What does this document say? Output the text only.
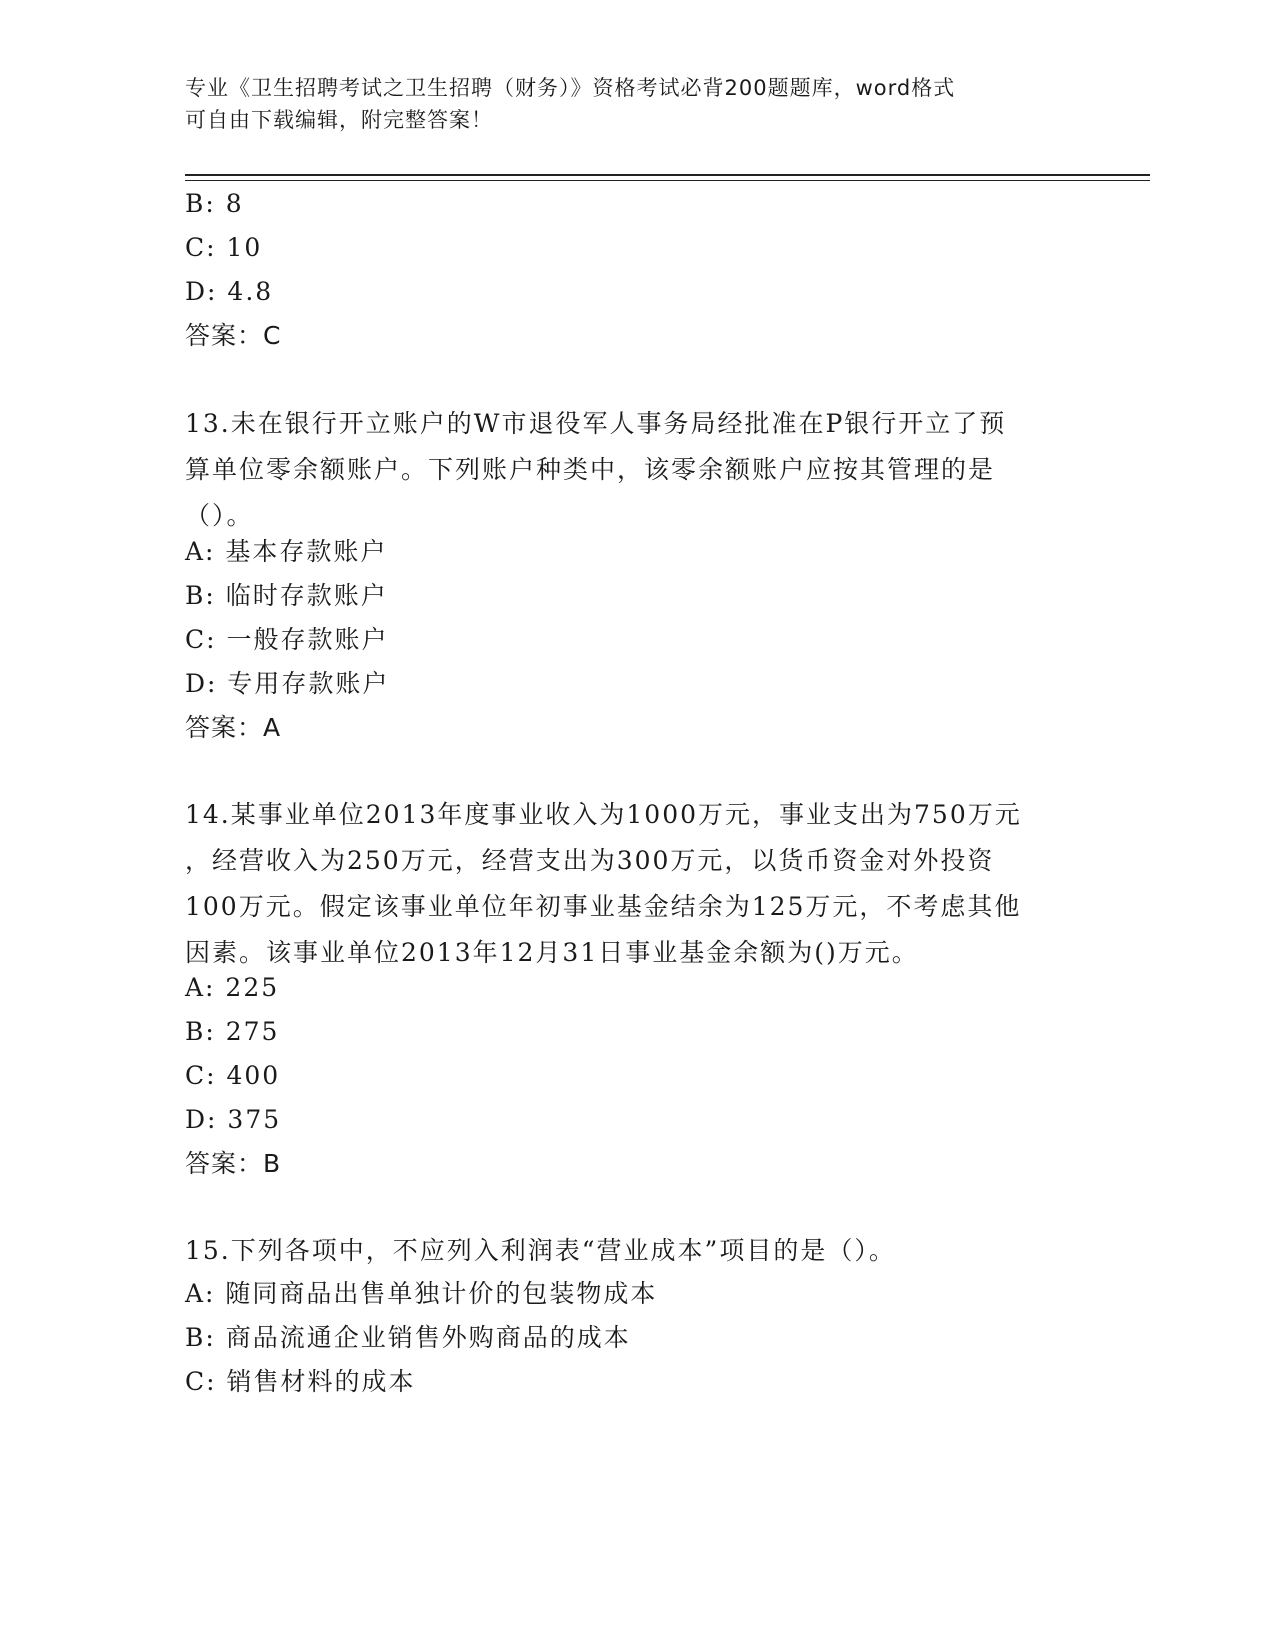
专业《卫生招聘考试之卫生招聘（财务）》资格考试必背200题题库，word格式
可自由下载编辑，附完整答案！
B: 8
C: 10
D: 4.8
答案：C
13.未在银行开立账户的W市退役军人事务局经批准在P银行开立了预
算单位零余额账户。下列账户种类中，该零余额账户应按其管理的是
（）。
A: 基本存款账户
B: 临时存款账户
C: 一般存款账户
D: 专用存款账户
答案：A
14.某事业单位2013年度事业收入为1000万元，事业支出为750万元
，经营收入为250万元，经营支出为300万元，以货币资金对外投资
100万元。假定该事业单位年初事业基金结余为125万元，不考虑其他
因素。该事业单位2013年12月31日事业基金余额为()万元。
A: 225
B: 275
C: 400
D: 375
答案：B
15.下列各项中，不应列入利润表“营业成本”项目的是（）。
A: 随同商品出售单独计价的包装物成本
B: 商品流通企业销售外购商品的成本
C: 销售材料的成本
